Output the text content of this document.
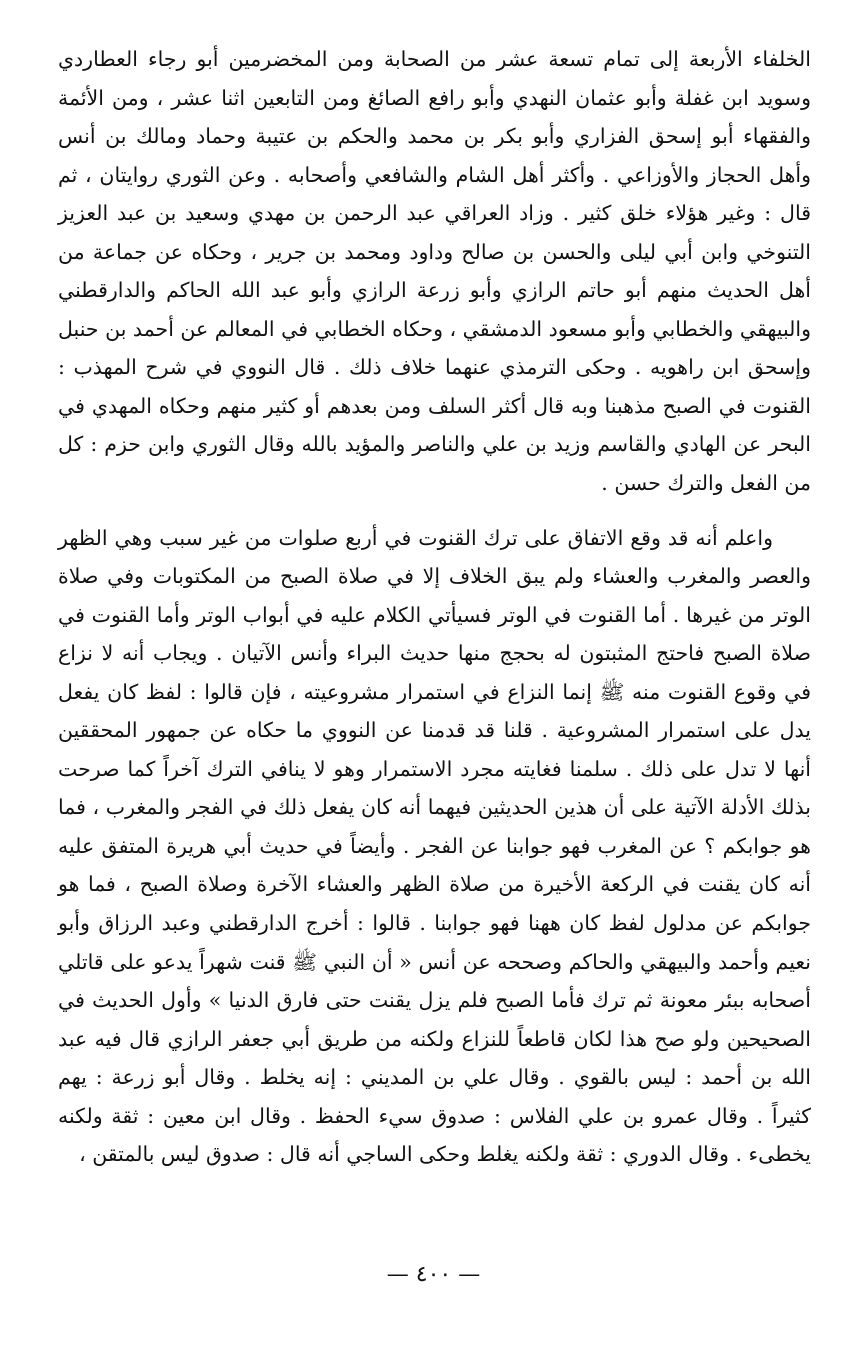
الخلفاء الأربعة إلى تمام تسعة عشر من الصحابة ومن المخضرمين أبو رجاء العطاردي وسويد ابن غفلة وأبو عثمان النهدي وأبو رافع الصائغ ومن التابعين اثنا عشر ، ومن الأئمة والفقهاء أبو إسحق الفزاري وأبو بكر بن محمد والحكم بن عتيبة وحماد ومالك بن أنس وأهل الحجاز والأوزاعي . وأكثر أهل الشام والشافعي وأصحابه . وعن الثوري روايتان ، ثم قال : وغير هؤلاء خلق كثير . وزاد العراقي عبد الرحمن بن مهدي وسعيد بن عبد العزيز التنوخي وابن أبي ليلى والحسن بن صالح وداود ومحمد بن جرير ، وحكاه عن جماعة من أهل الحديث منهم أبو حاتم الرازي وأبو زرعة الرازي وأبو عبد الله الحاكم والدارقطني والبيهقي والخطابي وأبو مسعود الدمشقي ، وحكاه الخطابي في المعالم عن أحمد بن حنبل وإسحق ابن راهويه . وحكى الترمذي عنهما خلاف ذلك . قال النووي في شرح المهذب : القنوت في الصبح مذهبنا وبه قال أكثر السلف ومن بعدهم أو كثير منهم وحكاه المهدي في البحر عن الهادي والقاسم وزيد بن علي والناصر والمؤيد بالله وقال الثوري وابن حزم : كل من الفعل والترك حسن .

واعلم أنه قد وقع الاتفاق على ترك القنوت في أربع صلوات من غير سبب وهي الظهر والعصر والمغرب والعشاء ولم يبق الخلاف إلا في صلاة الصبح من المكتوبات وفي صلاة الوتر من غيرها . أما القنوت في الوتر فسيأتي الكلام عليه في أبواب الوتر وأما القنوت في صلاة الصبح فاحتج المثبتون له بحجج منها حديث البراء وأنس الآتيان . ويجاب أنه لا نزاع في وقوع القنوت منه ﷺ إنما النزاع في استمرار مشروعيته ، فإن قالوا : لفظ كان يفعل يدل على استمرار المشروعية . قلنا قد قدمنا عن النووي ما حكاه عن جمهور المحققين أنها لا تدل على ذلك . سلمنا فغايته مجرد الاستمرار وهو لا ينافي الترك آخراً كما صرحت بذلك الأدلة الآتية على أن هذين الحديثين فيهما أنه كان يفعل ذلك في الفجر والمغرب ، فما هو جوابكم ؟ عن المغرب فهو جوابنا عن الفجر . وأيضاً في حديث أبي هريرة المتفق عليه أنه كان يقنت في الركعة الأخيرة من صلاة الظهر والعشاء الآخرة وصلاة الصبح ، فما هو جوابكم عن مدلول لفظ كان ههنا فهو جوابنا . قالوا : أخرج الدارقطني وعبد الرزاق وأبو نعيم وأحمد والبيهقي والحاكم وصححه عن أنس « أن النبي ﷺ قنت شهراً يدعو على قاتلي أصحابه ببئر معونة ثم ترك فأما الصبح فلم يزل يقنت حتى فارق الدنيا » وأول الحديث في الصحيحين ولو صح هذا لكان قاطعاً للنزاع ولكنه من طريق أبي جعفر الرازي قال فيه عبد الله بن أحمد : ليس بالقوي . وقال علي بن المديني : إنه يخلط . وقال أبو زرعة : يهم كثيراً . وقال عمرو بن علي الفلاس : صدوق سيء الحفظ . وقال ابن معين : ثقة ولكنه يخطىء . وقال الدوري : ثقة ولكنه يغلط وحكى الساجي أنه قال : صدوق ليس بالمتقن ،

— ٤٠٠ —
